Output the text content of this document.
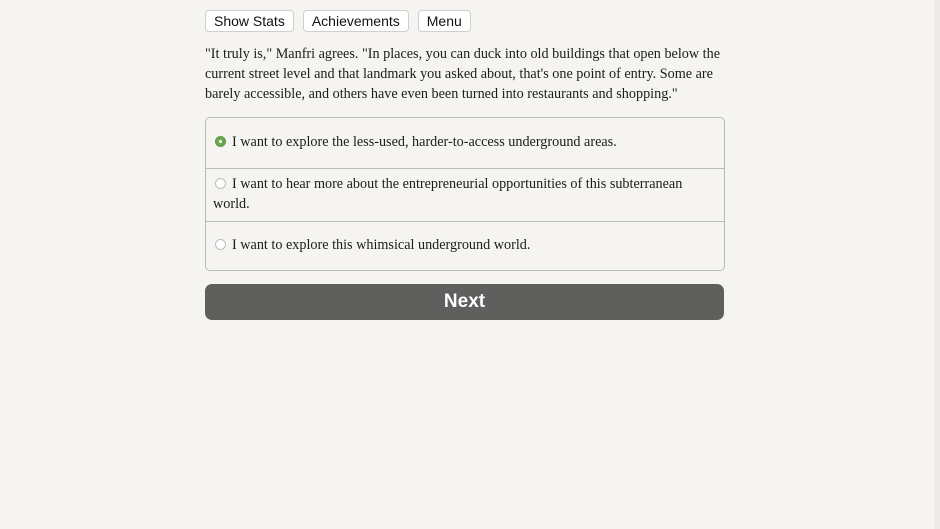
Show Stats	Achievements	Menu

"It truly is," Manfri agrees. "In places, you can duck into old buildings that open below the current street level and that landmark you asked about, that's one point of entry. Some are barely accessible, and others have even been turned into restaurants and shopping."

I want to explore the less-used, harder-to-access underground areas.
I want to hear more about the entrepreneurial opportunities of this subterranean world.
I want to explore this whimsical underground world.
Next
